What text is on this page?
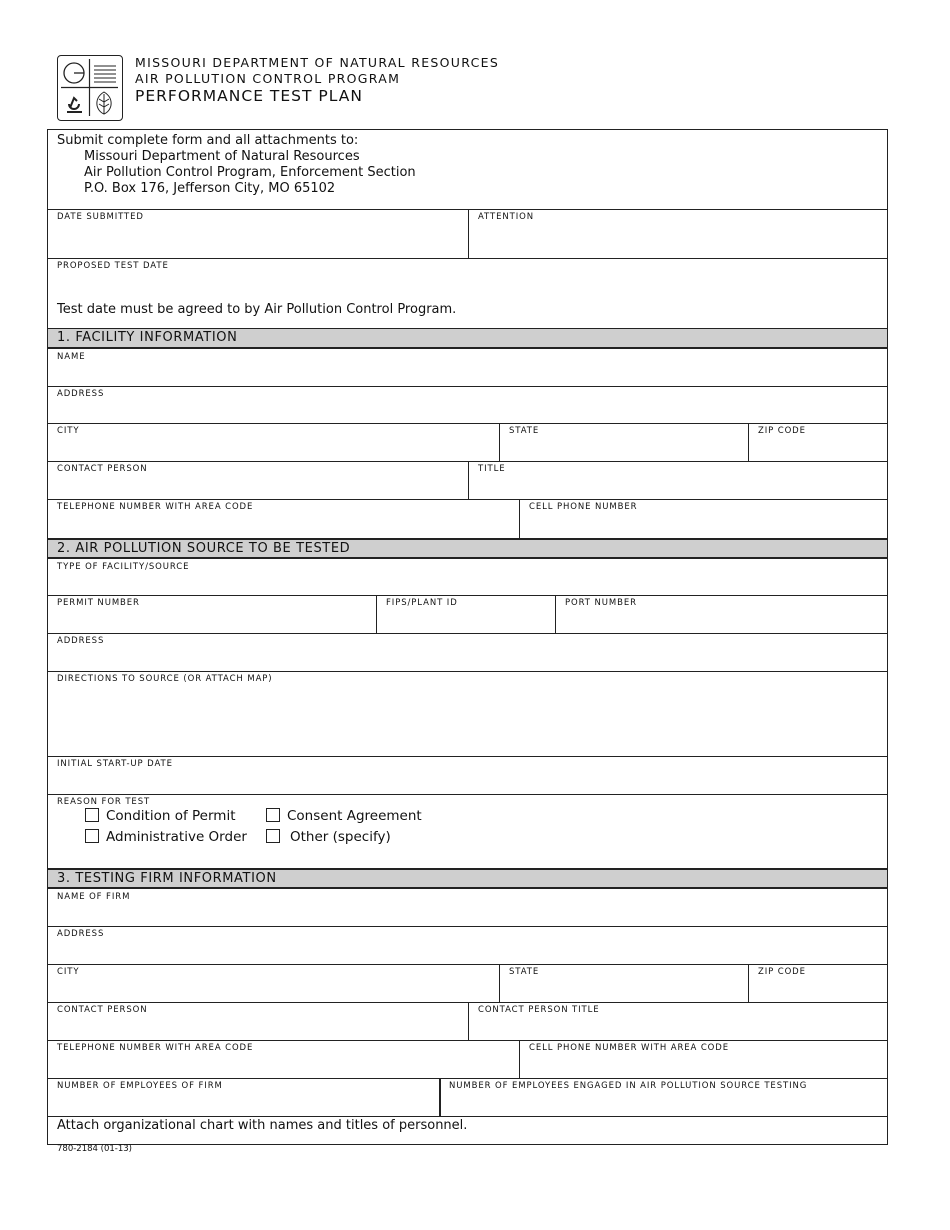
MISSOURI DEPARTMENT OF NATURAL RESOURCES
AIR POLLUTION CONTROL PROGRAM
PERFORMANCE TEST PLAN
Submit complete form and all attachments to:
Missouri Department of Natural Resources
Air Pollution Control Program, Enforcement Section
P.O. Box 176, Jefferson City, MO 65102
DATE SUBMITTED	ATTENTION
PROPOSED TEST DATE
Test date must be agreed to by Air Pollution Control Program.
1. FACILITY INFORMATION
NAME
ADDRESS
CITY	STATE	ZIP CODE
CONTACT PERSON	TITLE
TELEPHONE NUMBER WITH AREA CODE	CELL PHONE NUMBER
2. AIR POLLUTION SOURCE TO BE TESTED
TYPE OF FACILITY/SOURCE
PERMIT NUMBER	FIPS/PLANT ID	PORT NUMBER
ADDRESS
DIRECTIONS TO SOURCE (OR ATTACH MAP)
INITIAL START-UP DATE
REASON FOR TEST
Condition of Permit	Consent Agreement
Administrative Order	Other (specify)
3. TESTING FIRM INFORMATION
NAME OF FIRM
ADDRESS
CITY	STATE	ZIP CODE
CONTACT PERSON	CONTACT PERSON TITLE
TELEPHONE NUMBER WITH AREA CODE	CELL PHONE NUMBER WITH AREA CODE
NUMBER OF EMPLOYEES OF FIRM	NUMBER OF EMPLOYEES ENGAGED IN AIR POLLUTION SOURCE TESTING
Attach organizational chart with names and titles of personnel.
780-2184 (01-13)
